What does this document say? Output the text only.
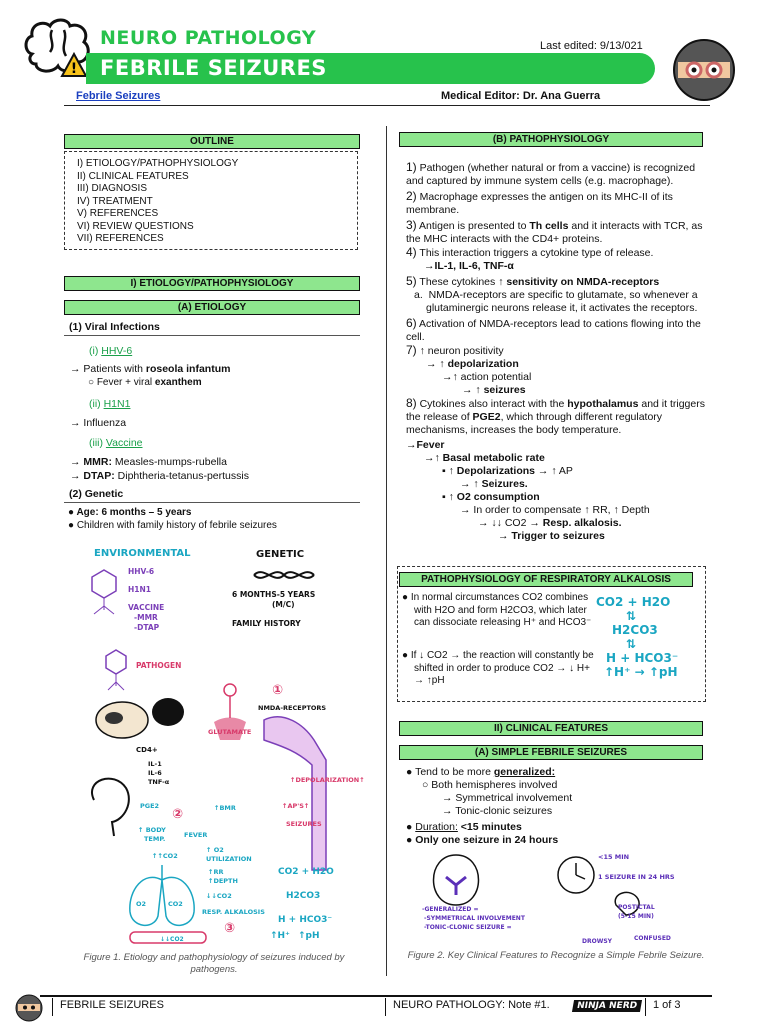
!
NEURO PATHOLOGY
FEBRILE SEIZURES
Last edited: 9/13/021
Febrile Seizures	Medical Editor: Dr. Ana Guerra
OUTLINE
I) ETIOLOGY/PATHOPHYSIOLOGY
II) CLINICAL FEATURES
III) DIAGNOSIS
IV) TREATMENT
V) REFERENCES
VI) REVIEW QUESTIONS
VII) REFERENCES
I) ETIOLOGY/PATHOPHYSIOLOGY
(A) ETIOLOGY
(1) Viral Infections
(i) HHV-6
→ Patients with roseola infantum
○ Fever + viral exanthem
(ii) H1N1
→ Influenza
(iii) Vaccine
→ MMR: Measles-mumps-rubella
→ DTAP: Diphtheria-tetanus-pertussis
(2) Genetic
● Age: 6 months – 5 years
● Children with family history of febrile seizures
ENVIRONMENTAL	GENETIC
HHV-6
H1N1
VACCINE
-MMR
-DTAP
6 MONTHS-5 YEARS
(M/C)
FAMILY HISTORY
PATHOGEN
CD4+
IL-1
IL-6
TNF-α
①
NMDA-RECEPTORS
GLUTAMATE
↑DEPOLARIZATION↑
↑AP'S↑
SEIZURES
PGE2
②	↑BMR
↑ BODY
TEMP.	FEVER
↑ O2
UTILIZATION
↑RR
↑DEPTH
↑↑CO2
↓↓CO2
RESP. ALKALOSIS
O2	CO2
↓↓CO2
③
CO2 + H2O
H2CO3
H + HCO3⁻
↑H⁺ ↑pH
Figure 1. Etiology and pathophysiology of seizures induced by pathogens.
(B) PATHOPHYSIOLOGY
1) Pathogen (whether natural or from a vaccine) is recognized and captured by immune system cells (e.g. macrophage).
2) Macrophage expresses the antigen on its MHC-II of its membrane.
3) Antigen is presented to Th cells and it interacts with TCR, as the MHC interacts with the CD4+ proteins.
4) This interaction triggers a cytokine type of release.
→IL-1, IL-6, TNF-α
5) These cytokines ↑ sensitivity on NMDA-receptors
a.  NMDA-receptors are specific to glutamate, so whenever a glutaminergic neurons release it, it activates the receptors.
6) Activation of NMDA-receptors lead to cations flowing into the cell.
7) ↑ neuron positivity
→ ↑ depolarization
→↑ action potential
→ ↑ seizures
8) Cytokines also interact with the hypothalamus and it triggers the release of PGE2, which through different regulatory mechanisms, increases the body temperature.
→Fever
→↑ Basal metabolic rate
▪ ↑ Depolarizations → ↑ AP
→ ↑ Seizures.
▪ ↑ O2 consumption
→ In order to compensate ↑ RR, ↑ Depth
→ ↓↓ CO2 → Resp. alkalosis.
→ Trigger to seizures
PATHOPHYSIOLOGY OF RESPIRATORY ALKALOSIS
● In normal circumstances CO2 combines with H2O and form H2CO3, which later can dissociate releasing H⁺ and HCO3⁻
● If ↓ CO2 → the reaction will constantly be shifted in order to produce CO2 → ↓ H+ → ↑pH
CO2 + H2O
⇅
H2CO3
⇅
H + HCO3⁻
↑H⁺ → ↑pH
II) CLINICAL FEATURES
(A) SIMPLE FEBRILE SEIZURES
● Tend to be more generalized:
○ Both hemispheres involved
→ Symmetrical involvement
→ Tonic-clonic seizures
● Duration: <15 minutes
● Only one seizure in 24 hours
<15 MIN
1 SEIZURE IN 24 HRS
-GENERALIZED =
-SYMMETRICAL INVOLVEMENT
-TONIC-CLONIC SEIZURE =
POSTICTAL
(5-15 MIN)
DROWSY	CONFUSED
Figure 2. Key Clinical Features to Recognize a Simple Febrile Seizure.
FEBRILE SEIZURES	NEURO PATHOLOGY: Note #1.	NINJA NERD	1 of 3
